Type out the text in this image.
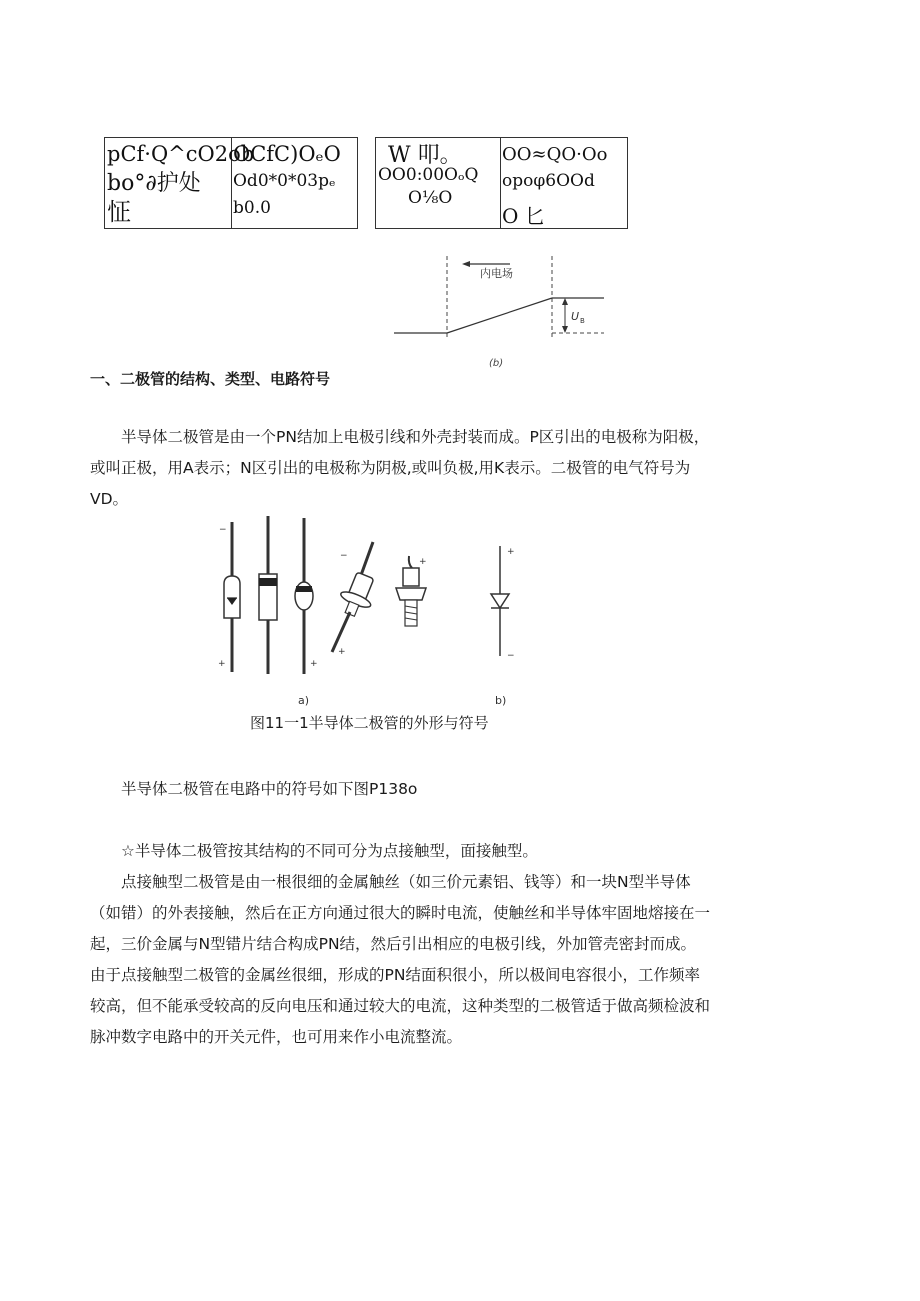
pCf·Q^cO2ob
bo°∂护处
怔
OCfC)OₑO
Od0*0*03pₑ
b0.0
W 叩。
OO0:00OₒQ
O⅛O
OO≈QO·Oo
opoφ6OOd
O 匕
内电场
U B
(b)
一、二极管的结构、类型、电路符号

半导体二极管是由一个PN结加上电极引线和外壳封装而成。P区引出的电极称为阳极，或叫正极，用A表示；N区引出的电极称为阴极,或叫负极,用K表示。二极管的电气符号为VD。

−
+	+
−
+
+
+
−
a)	b)
图11一1半导体二极管的外形与符号

半导体二极管在电路中的符号如下图P138o

☆半导体二极管按其结构的不同可分为点接触型，面接触型。

点接触型二极管是由一根很细的金属触丝（如三价元素铝、钱等）和一块N型半导体（如错）的外表接触，然后在正方向通过很大的瞬时电流，使触丝和半导体牢固地熔接在一起，三价金属与N型错片结合构成PN结，然后引出相应的电极引线，外加管壳密封而成。由于点接触型二极管的金属丝很细，形成的PN结面积很小，所以极间电容很小，工作频率较高，但不能承受较高的反向电压和通过较大的电流，这种类型的二极管适于做高频检波和脉冲数字电路中的开关元件，也可用来作小电流整流。
